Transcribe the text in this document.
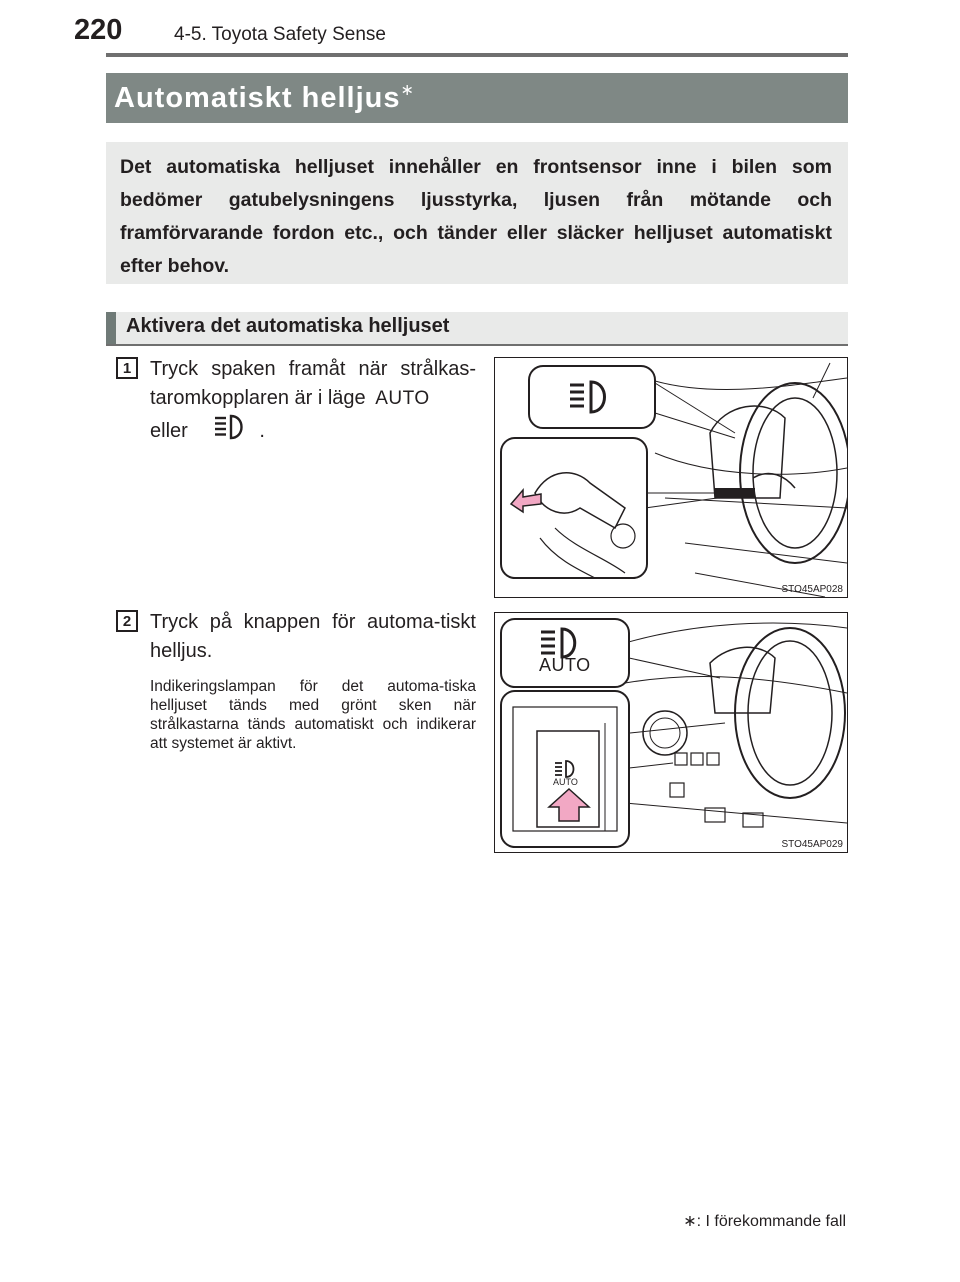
220	4-5. Toyota Safety Sense
Automatiskt helljus∗
Det automatiska helljuset innehåller en frontsensor inne i bilen som bedömer gatubelysningens ljusstyrka, ljusen från mötande och framförvarande fordon etc., och tänder eller släcker helljuset automatiskt efter behov.
Aktivera det automatiska helljuset
1 Tryck spaken framåt när strålkas-taromkopplaren är i läge AUTO
eller	.
STO45AP028
2 Tryck på knappen för automa-tiskt helljus.
Indikeringslampan för det automa-tiska helljuset tänds med grönt sken när strålkastarna tänds automatiskt och indikerar att systemet är aktivt.
AUTO
AUTO
STO45AP029
∗: I förekommande fall
